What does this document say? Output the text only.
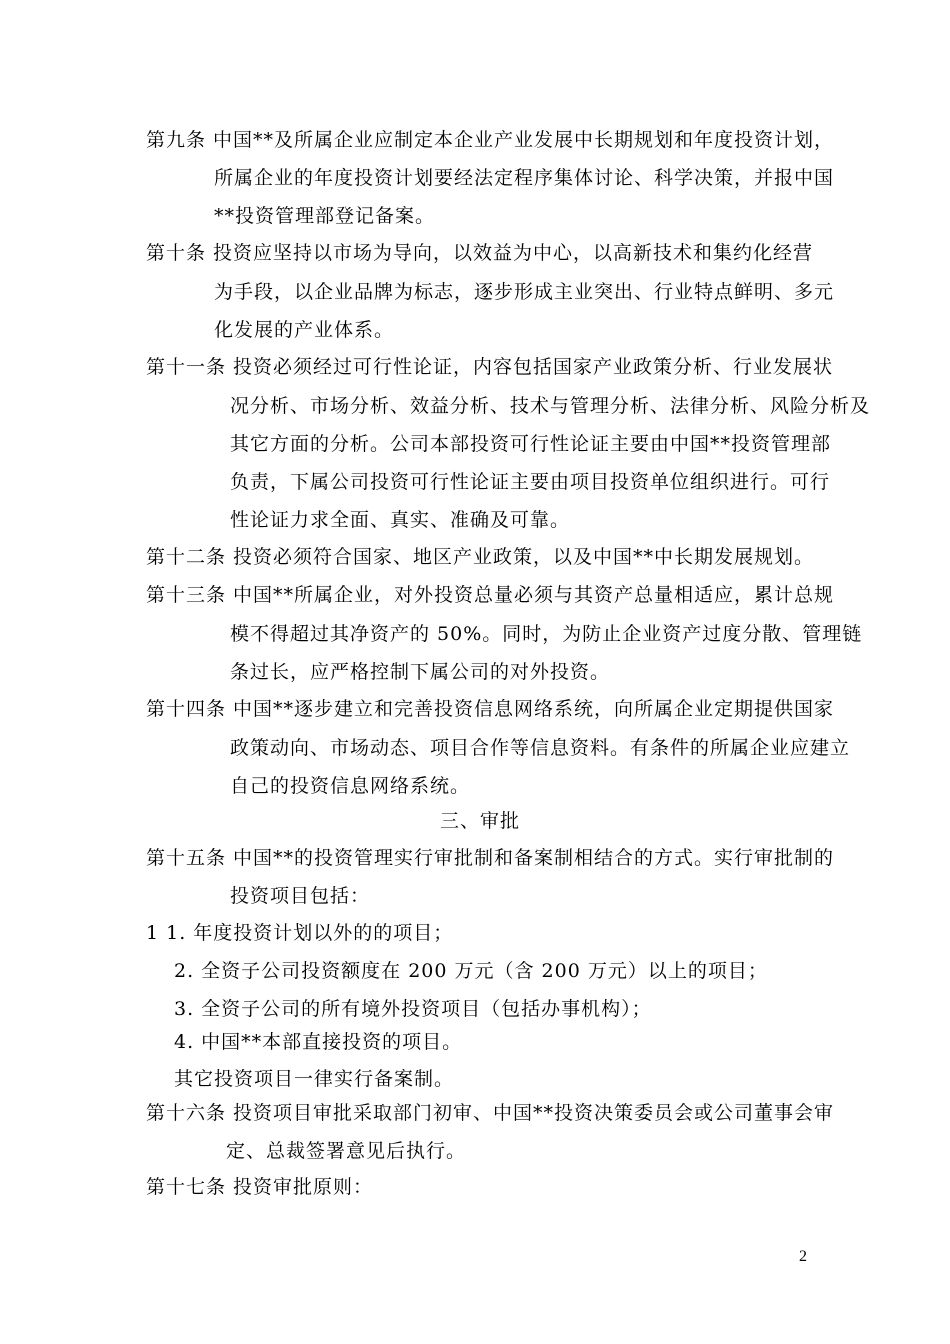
第九条 中国**及所属企业应制定本企业产业发展中长期规划和年度投资计划，
所属企业的年度投资计划要经法定程序集体讨论、科学决策，并报中国
**投资管理部登记备案。
第十条 投资应坚持以市场为导向，以效益为中心，以高新技术和集约化经营
为手段，以企业品牌为标志，逐步形成主业突出、行业特点鲜明、多元
化发展的产业体系。
第十一条 投资必须经过可行性论证，内容包括国家产业政策分析、行业发展状
况分析、市场分析、效益分析、技术与管理分析、法律分析、风险分析及
其它方面的分析。公司本部投资可行性论证主要由中国**投资管理部
负责，下属公司投资可行性论证主要由项目投资单位组织进行。可行
性论证力求全面、真实、准确及可靠。
第十二条 投资必须符合国家、地区产业政策，以及中国**中长期发展规划。
第十三条 中国**所属企业，对外投资总量必须与其资产总量相适应，累计总规
模不得超过其净资产的 50%。同时，为防止企业资产过度分散、管理链
条过长，应严格控制下属公司的对外投资。
第十四条 中国**逐步建立和完善投资信息网络系统，向所属企业定期提供国家
政策动向、市场动态、项目合作等信息资料。有条件的所属企业应建立
自己的投资信息网络系统。
三、审批
第十五条 中国**的投资管理实行审批制和备案制相结合的方式。实行审批制的
投资项目包括：
1 1. 年度投资计划以外的的项目；
2. 全资子公司投资额度在 200 万元（含 200 万元）以上的项目；
3. 全资子公司的所有境外投资项目（包括办事机构）；
4. 中国**本部直接投资的项目。
其它投资项目一律实行备案制。
第十六条 投资项目审批采取部门初审、中国**投资决策委员会或公司董事会审
定、总裁签署意见后执行。
第十七条 投资审批原则：
2
